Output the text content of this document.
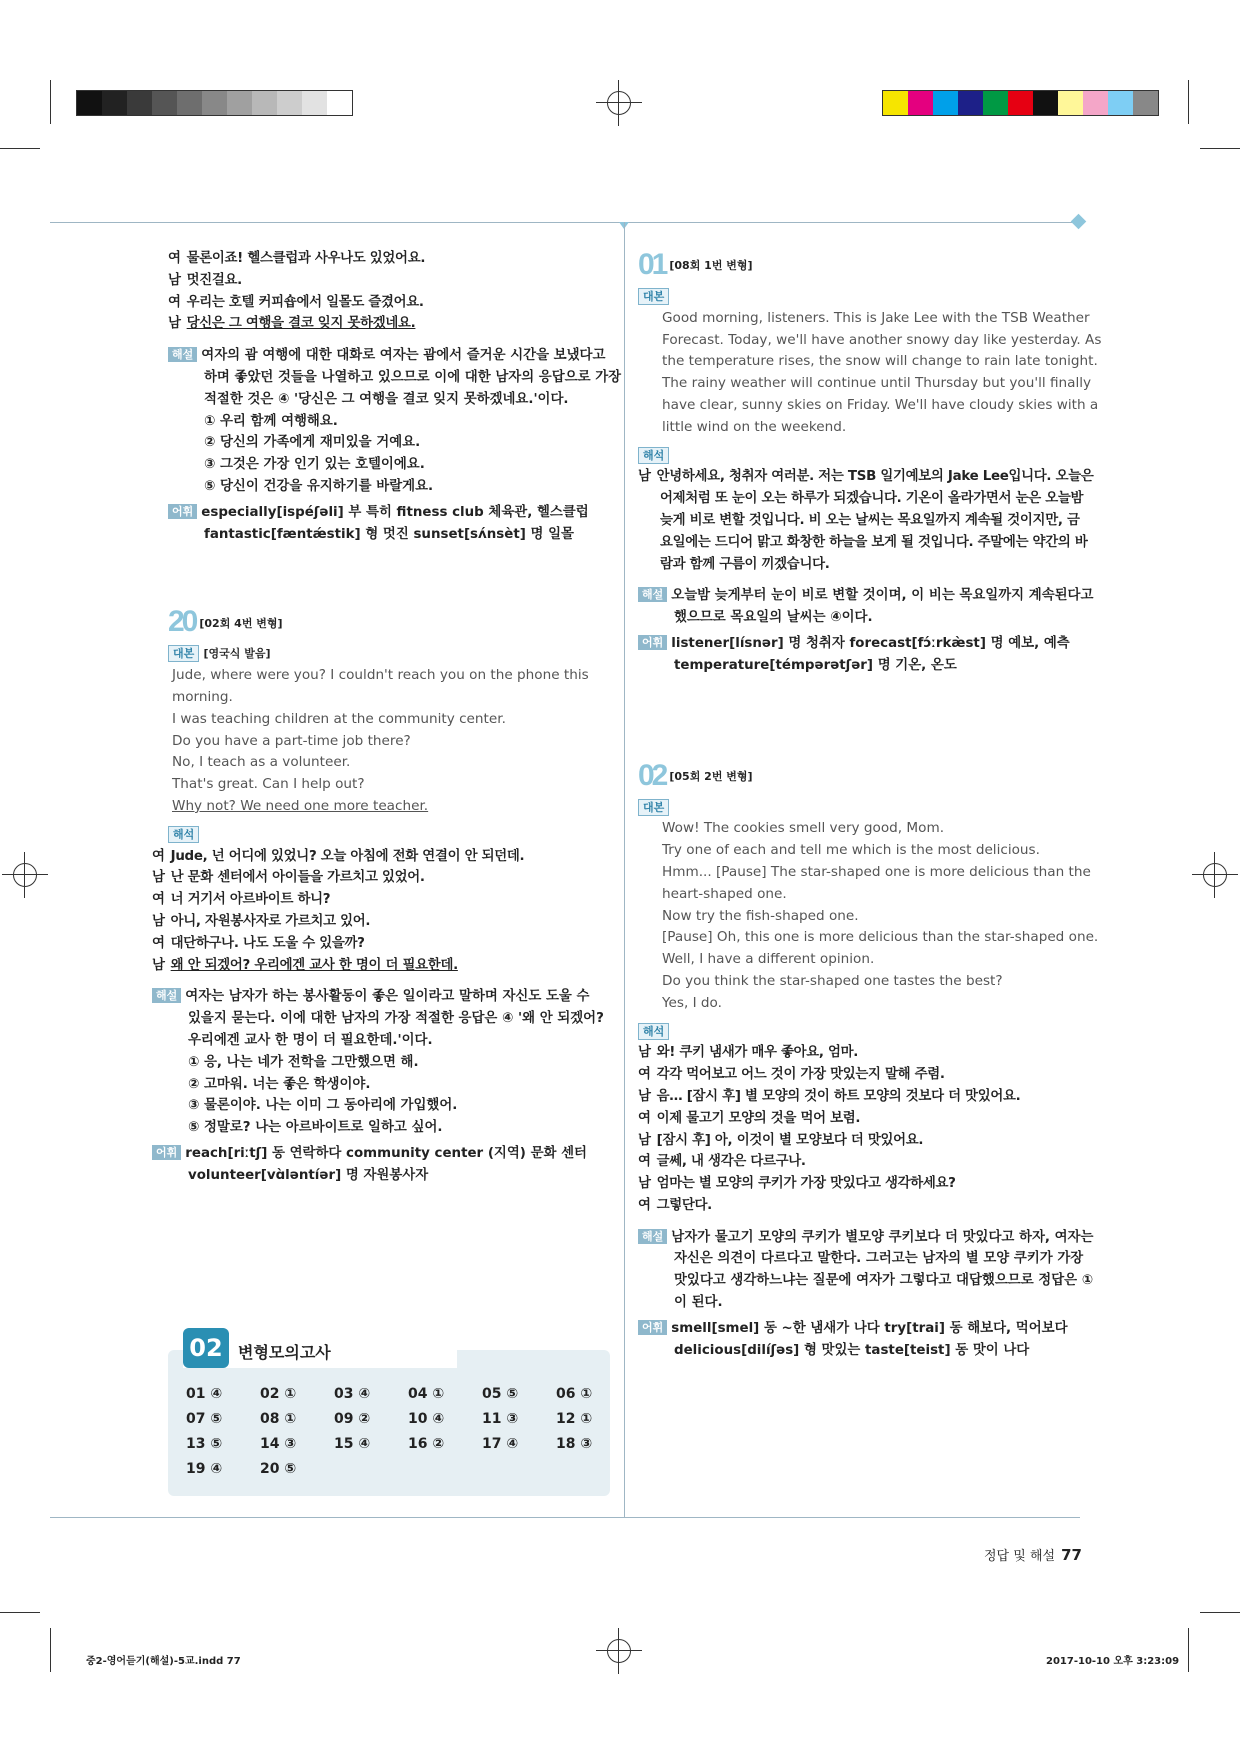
여 물론이죠! 헬스클럽과 사우나도 있었어요.
남 멋진걸요.
여 우리는 호텔 커피숍에서 일몰도 즐겼어요.
남 당신은 그 여행을 결코 잊지 못하겠네요.
해설 여자의 괌 여행에 대한 대화로 여자는 괌에서 즐거운 시간을 보냈다고
하며 좋았던 것들을 나열하고 있으므로 이에 대한 남자의 응답으로 가장
적절한 것은 ④ '당신은 그 여행을 결코 잊지 못하겠네요.'이다.
① 우리 함께 여행해요.
② 당신의 가족에게 재미있을 거예요.
③ 그것은 가장 인기 있는 호텔이에요.
⑤ 당신이 건강을 유지하기를 바랄게요.
어휘 especially[ispéʃəli] 부 특히 fitness club 체육관, 헬스클럽
fantastic[fæntǽstik] 형 멋진 sunset[sʌ́nsèt] 명 일몰
20 [02회 4번 변형]
대본 [영국식 발음]
Jude, where were you? I couldn't reach you on the phone this
morning.
I was teaching children at the community center.
Do you have a part-time job there?
No, I teach as a volunteer.
That's great. Can I help out?
Why not? We need one more teacher.
해석
여 Jude, 넌 어디에 있었니? 오늘 아침에 전화 연결이 안 되던데.
남 난 문화 센터에서 아이들을 가르치고 있었어.
여 너 거기서 아르바이트 하니?
남 아니, 자원봉사자로 가르치고 있어.
여 대단하구나. 나도 도울 수 있을까?
남 왜 안 되겠어? 우리에겐 교사 한 명이 더 필요한데.
해설 여자는 남자가 하는 봉사활동이 좋은 일이라고 말하며 자신도 도울 수
있을지 묻는다. 이에 대한 남자의 가장 적절한 응답은 ④ '왜 안 되겠어?
우리에겐 교사 한 명이 더 필요한데.'이다.
① 응, 나는 네가 전학을 그만했으면 해.
② 고마워. 너는 좋은 학생이야.
③ 물론이야. 나는 이미 그 동아리에 가입했어.
⑤ 정말로? 나는 아르바이트로 일하고 싶어.
어휘 reach[riːtʃ] 동 연락하다 community center (지역) 문화 센터
volunteer[vɑ̀ləntíər] 명 자원봉사자
02 변형모의고사
01 ④	02 ①	03 ④	04 ①	05 ⑤	06 ①
07 ⑤	08 ①	09 ②	10 ④	11 ③	12 ①
13 ⑤	14 ③	15 ④	16 ②	17 ④	18 ③
19 ④	20 ⑤
01 [08회 1번 변형]
대본
Good morning, listeners. This is Jake Lee with the TSB Weather
Forecast. Today, we'll have another snowy day like yesterday. As
the temperature rises, the snow will change to rain late tonight.
The rainy weather will continue until Thursday but you'll finally
have clear, sunny skies on Friday. We'll have cloudy skies with a
little wind on the weekend.
해석
남 안녕하세요, 청취자 여러분. 저는 TSB 일기예보의 Jake Lee입니다. 오늘은
어제처럼 또 눈이 오는 하루가 되겠습니다. 기온이 올라가면서 눈은 오늘밤
늦게 비로 변할 것입니다. 비 오는 날씨는 목요일까지 계속될 것이지만, 금
요일에는 드디어 맑고 화창한 하늘을 보게 될 것입니다. 주말에는 약간의 바
람과 함께 구름이 끼겠습니다.
해설 오늘밤 늦게부터 눈이 비로 변할 것이며, 이 비는 목요일까지 계속된다고
했으므로 목요일의 날씨는 ④이다.
어휘 listener[lísnər] 명 청취자 forecast[fɔ́ːrkæ̀st] 명 예보, 예측
temperature[témpərətʃər] 명 기온, 온도
02 [05회 2번 변형]
대본
Wow! The cookies smell very good, Mom.
Try one of each and tell me which is the most delicious.
Hmm... [Pause] The star-shaped one is more delicious than the
heart-shaped one.
Now try the fish-shaped one.
[Pause] Oh, this one is more delicious than the star-shaped one.
Well, I have a different opinion.
Do you think the star-shaped one tastes the best?
Yes, I do.
해석
남 와! 쿠키 냄새가 매우 좋아요, 엄마.
여 각각 먹어보고 어느 것이 가장 맛있는지 말해 주렴.
남 음… [잠시 후] 별 모양의 것이 하트 모양의 것보다 더 맛있어요.
여 이제 물고기 모양의 것을 먹어 보렴.
남 [잠시 후] 아, 이것이 별 모양보다 더 맛있어요.
여 글쎄, 내 생각은 다르구나.
남 엄마는 별 모양의 쿠키가 가장 맛있다고 생각하세요?
여 그렇단다.
해설 남자가 물고기 모양의 쿠키가 별모양 쿠키보다 더 맛있다고 하자, 여자는
자신은 의견이 다르다고 말한다. 그러고는 남자의 별 모양 쿠키가 가장
맛있다고 생각하느냐는 질문에 여자가 그렇다고 대답했으므로 정답은 ①
이 된다.
어휘 smell[smel] 동 ~한 냄새가 나다 try[trai] 동 해보다, 먹어보다
delicious[dilíʃəs] 형 맛있는 taste[teist] 동 맛이 나다
정답 및 해설 77
중2-영어듣기(해설)-5교.indd 77	2017-10-10 오후 3:23:09
